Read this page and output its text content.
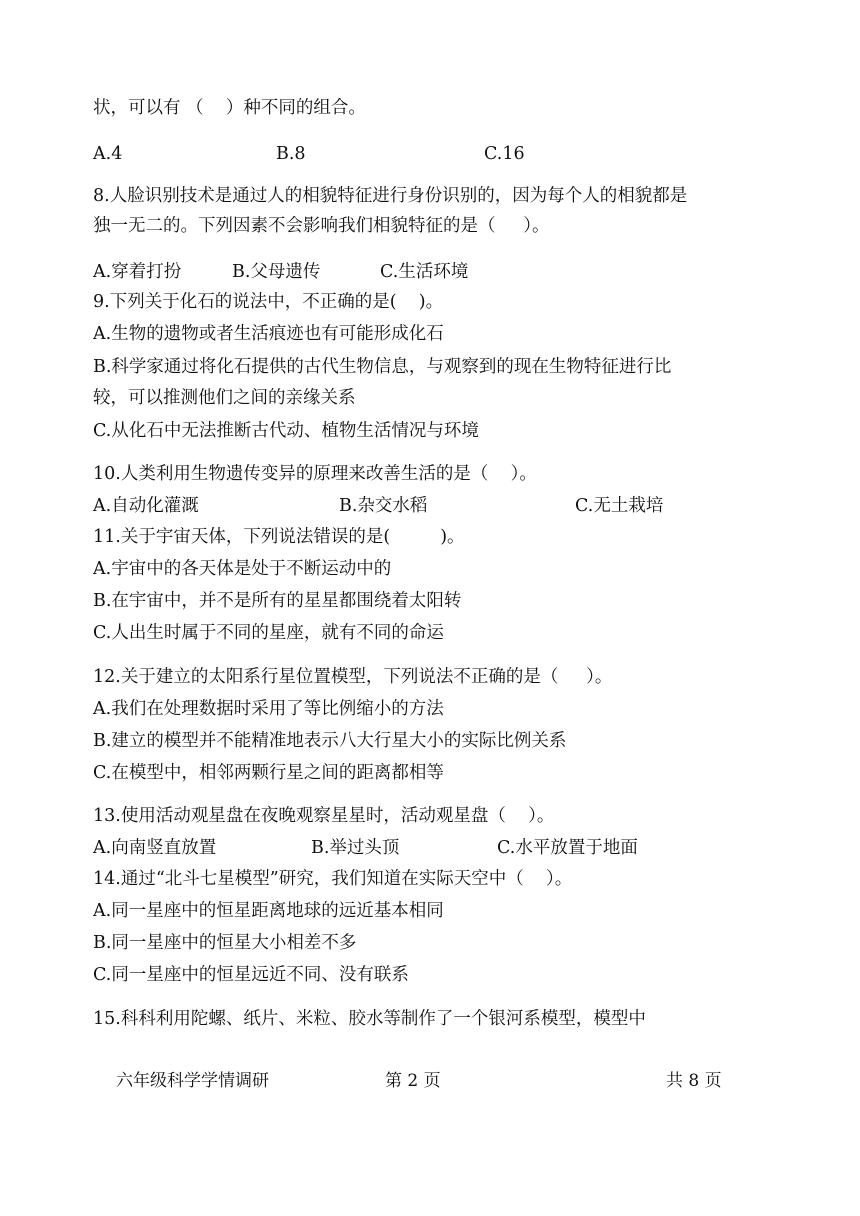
状，可以有 （    ）种不同的组合。
A.4	B.8	C.16
8.人脸识别技术是通过人的相貌特征进行身份识别的，因为每个人的相貌都是
独一无二的。下列因素不会影响我们相貌特征的是（     ）。
A.穿着打扮	B.父母遗传	C.生活环境
9.下列关于化石的说法中，不正确的是(    )。
A.生物的遗物或者生活痕迹也有可能形成化石
B.科学家通过将化石提供的古代生物信息，与观察到的现在生物特征进行比
较，可以推测他们之间的亲缘关系
C.从化石中无法推断古代动、植物生活情况与环境
10.人类利用生物遗传变异的原理来改善生活的是（    ）。
A.自动化灌溉	B.杂交水稻	C.无土栽培
11.关于宇宙天体，下列说法错误的是(         )。
A.宇宙中的各天体是处于不断运动中的
B.在宇宙中，并不是所有的星星都围绕着太阳转
C.人出生时属于不同的星座，就有不同的命运
12.关于建立的太阳系行星位置模型，下列说法不正确的是（     ）。
A.我们在处理数据时采用了等比例缩小的方法
B.建立的模型并不能精准地表示八大行星大小的实际比例关系
C.在模型中，相邻两颗行星之间的距离都相等
13.使用活动观星盘在夜晚观察星星时，活动观星盘（    ）。
A.向南竖直放置	B.举过头顶	C.水平放置于地面
14.通过“北斗七星模型”研究，我们知道在实际天空中（    ）。
A.同一星座中的恒星距离地球的远近基本相同
B.同一星座中的恒星大小相差不多
C.同一星座中的恒星远近不同、没有联系
15.科科利用陀螺、纸片、米粒、胶水等制作了一个银河系模型，模型中
六年级科学学情调研	第 2 页	共 8 页
